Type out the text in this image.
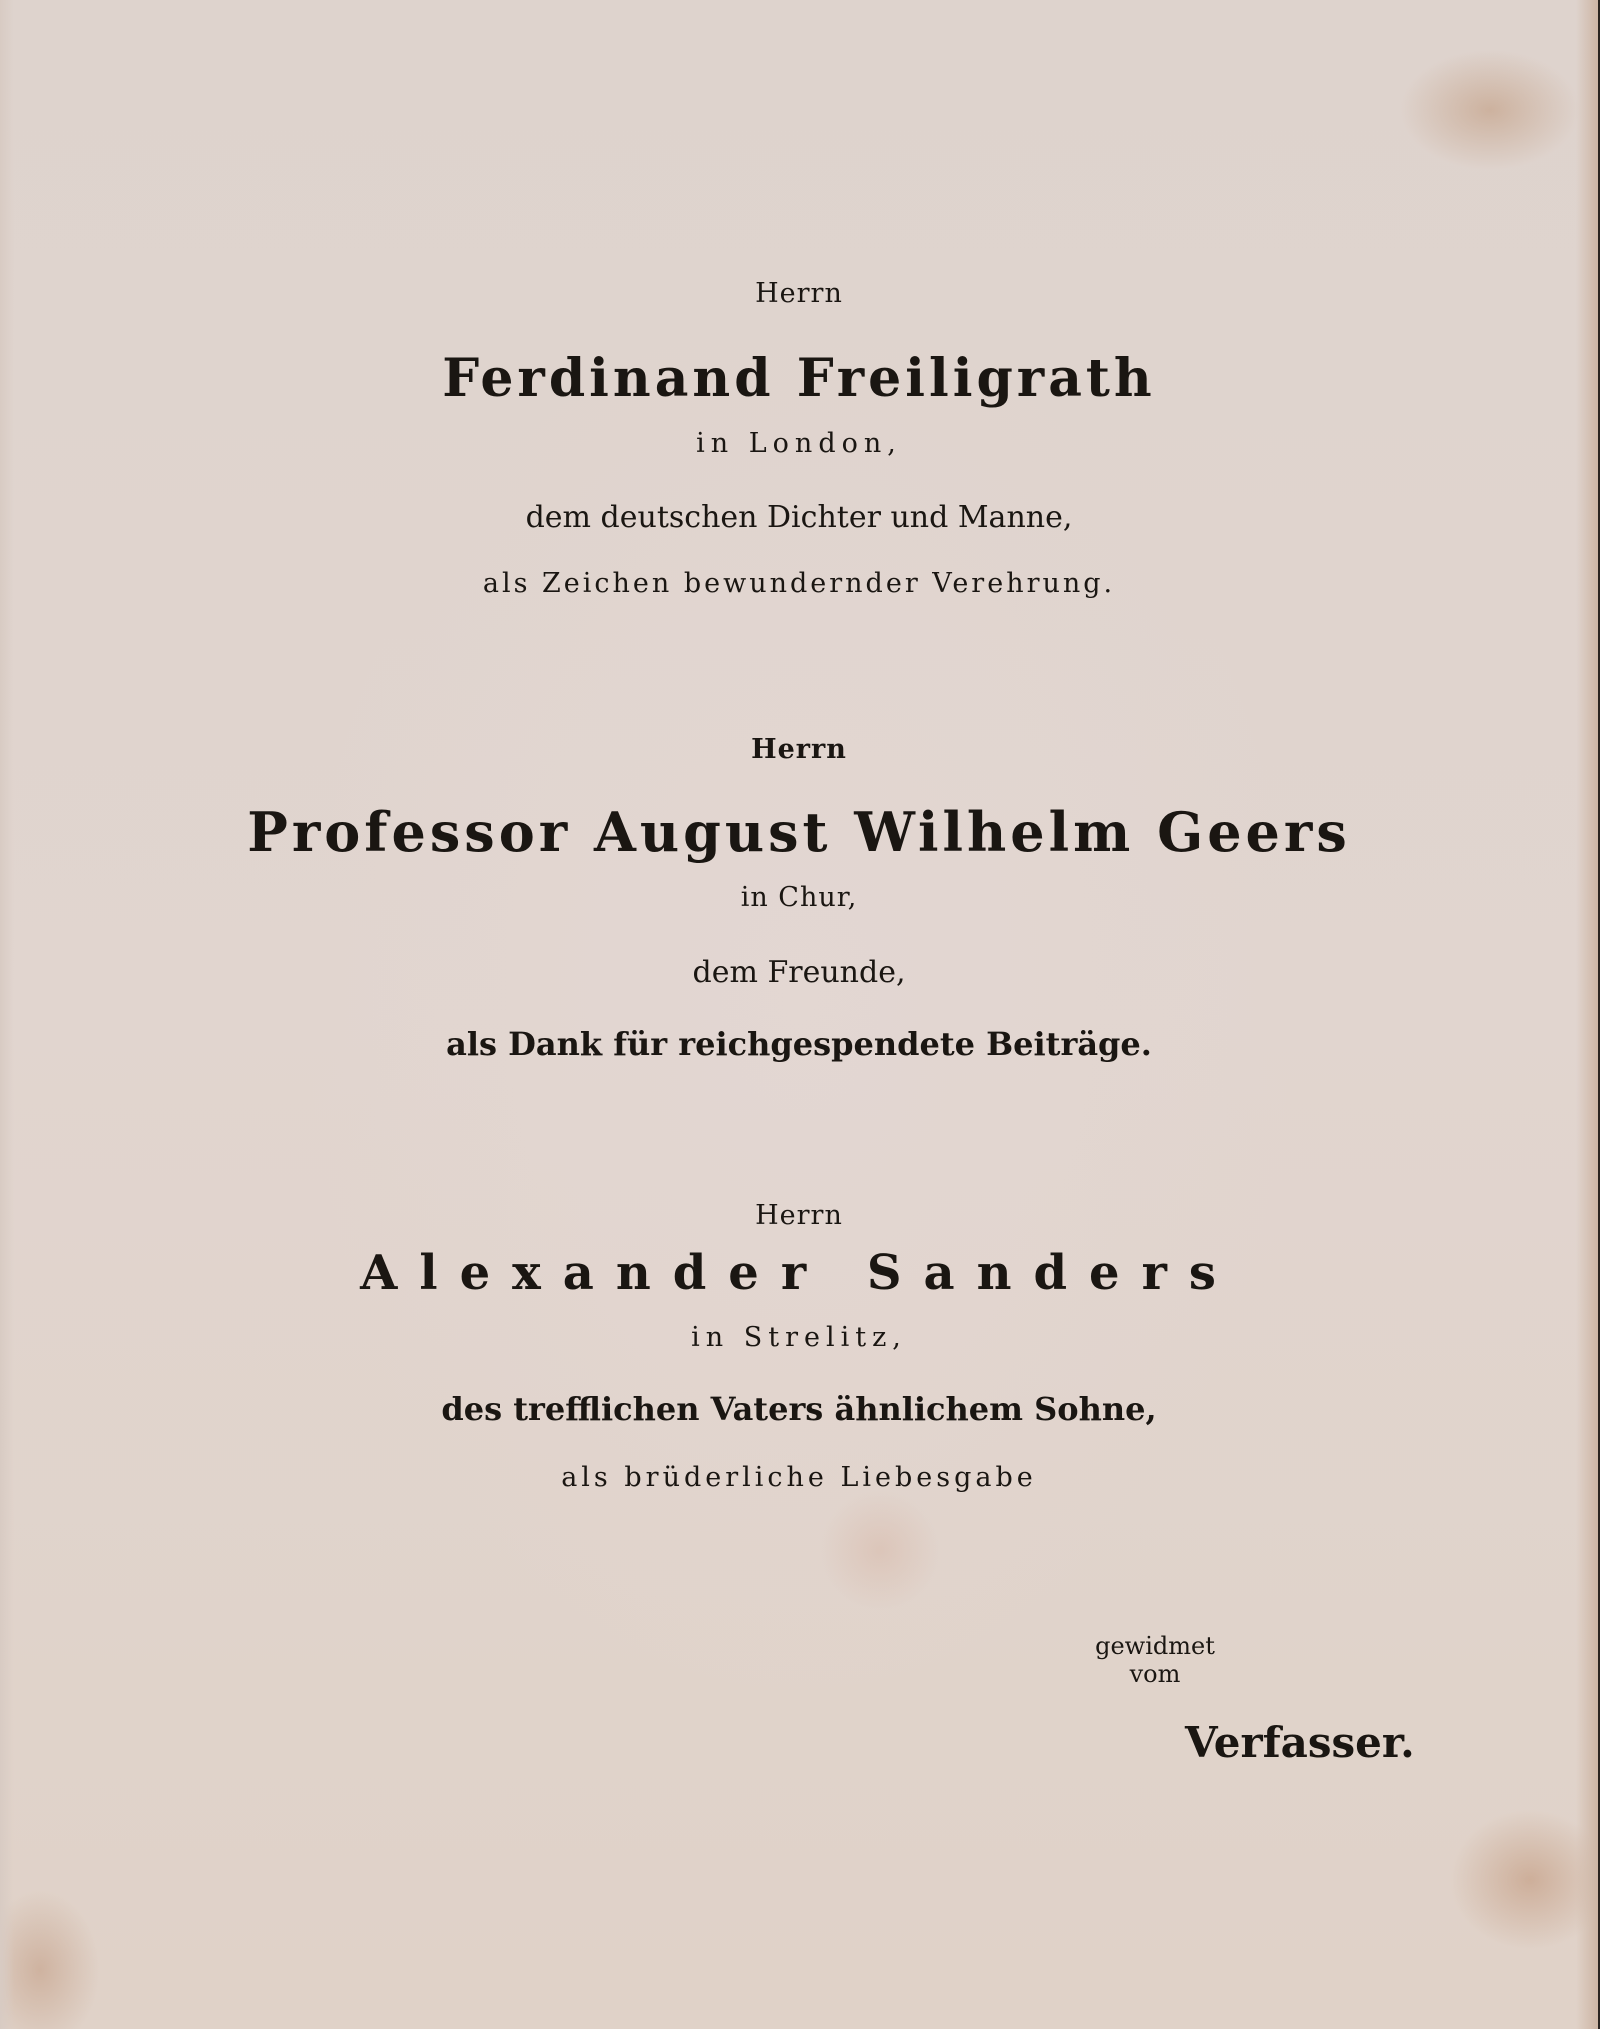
Herrn
Ferdinand Freiligrath
in London,
dem deutschen Dichter und Manne,
als Zeichen bewundernder Verehrung.
Herrn
Professor August Wilhelm Geers
in Chur,
dem Freunde,
als Dank für reichgespendete Beiträge.
Herrn
Alexander Sanders
in Strelitz,
des trefflichen Vaters ähnlichem Sohne,
als brüderliche Liebesgabe
gewidmet vom
Verfasser.
